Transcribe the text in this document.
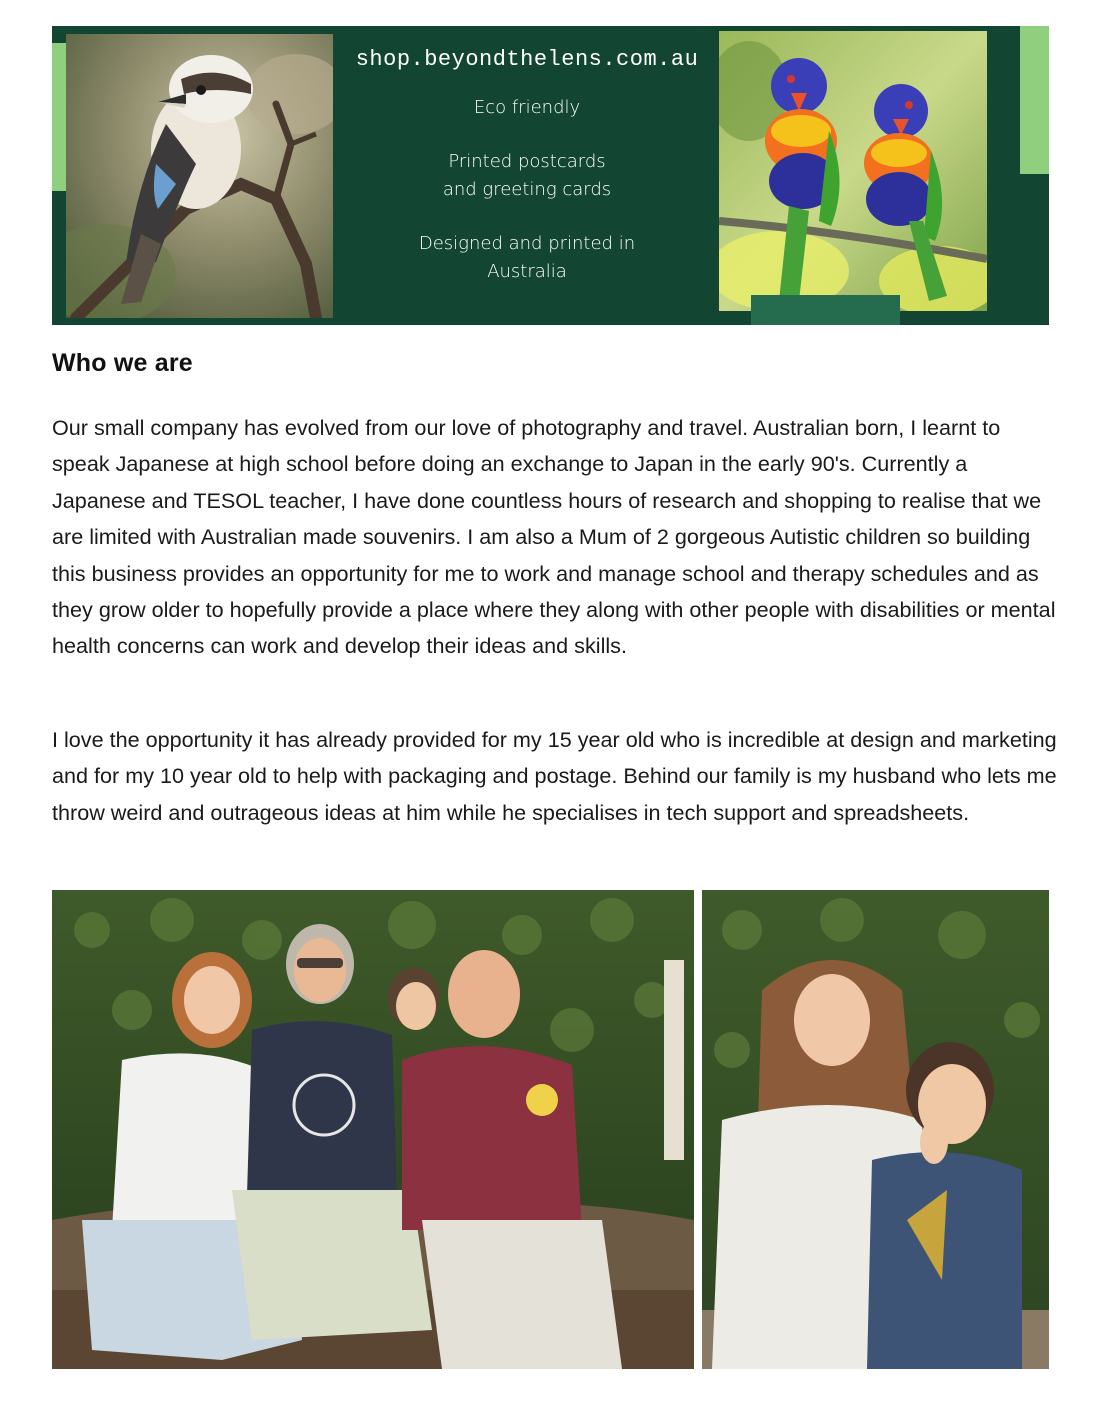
shop.beyondthelens.com.au
Eco friendly
Printed postcards
and greeting cards
Designed and printed in
Australia
Who we are

Our small company has evolved from our love of photography and travel. Australian born, I learnt to speak Japanese at high school before doing an exchange to Japan in the early 90's. Currently a Japanese and TESOL teacher, I have done countless hours of research and shopping to realise that we are limited with Australian made souvenirs. I am also a Mum of 2 gorgeous Autistic children so building this business provides an opportunity for me to work and manage school and therapy schedules and as they grow older to hopefully provide a place where they along with other people with disabilities or mental health concerns can work and develop their ideas and skills.

I love the opportunity it has already provided for my 15 year old who is incredible at design and marketing and for my 10 year old to help with packaging and postage. Behind our family is my husband who lets me throw weird and outrageous ideas at him while he specialises in tech support and spreadsheets.
